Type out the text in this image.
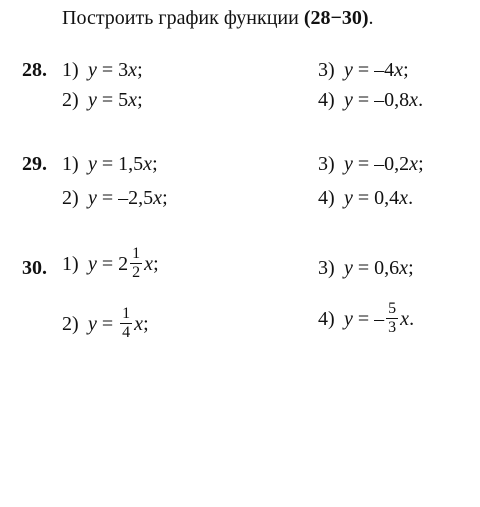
Построить график функции (28−30).
28. 1) y = 3 x ;
2) y = 5 x ;
3) y = –4 x ;
4) y = –0,8 x .
29. 1) y = 1,5 x ;
2) y = –2,5 x ;
3) y = –0,2 x ;
4) y = 0,4 x .
30. 1) $y = 2 \frac{1}{2}$ x ;
2) $y = \frac{1}{4}$ x ;
3) y = 0,6 x ;
4) y = – $\frac{5}{3}$ x .
